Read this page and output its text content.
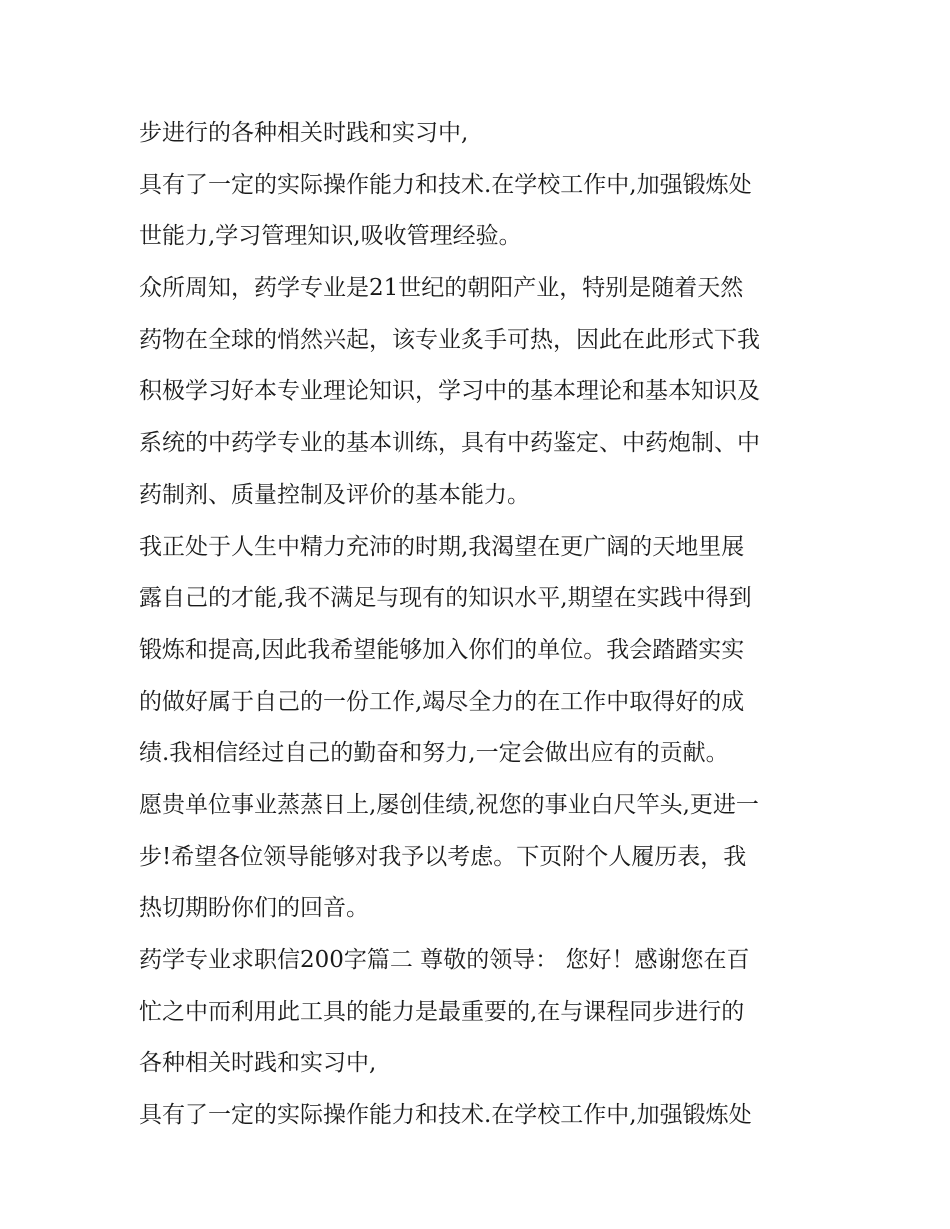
步进行的各种相关时践和实习中,
具有了一定的实际操作能力和技术.在学校工作中,加强锻炼处
世能力,学习管理知识,吸收管理经验。
众所周知，药学专业是21世纪的朝阳产业，特别是随着天然
药物在全球的悄然兴起，该专业炙手可热，因此在此形式下我
积极学习好本专业理论知识，学习中的基本理论和基本知识及
系统的中药学专业的基本训练，具有中药鉴定、中药炮制、中
药制剂、质量控制及评价的基本能力。
我正处于人生中精力充沛的时期,我渴望在更广阔的天地里展
露自己的才能,我不满足与现有的知识水平,期望在实践中得到
锻炼和提高,因此我希望能够加入你们的单位。我会踏踏实实
的做好属于自己的一份工作,竭尽全力的在工作中取得好的成
绩.我相信经过自己的勤奋和努力,一定会做出应有的贡献。
愿贵单位事业蒸蒸日上,屡创佳绩,祝您的事业白尺竿头,更进一
步!希望各位领导能够对我予以考虑。下页附个人履历表，我
热切期盼你们的回音。
药学专业求职信200字篇二 尊敬的领导： 您好！感谢您在百
忙之中而利用此工具的能力是最重要的,在与课程同步进行的
各种相关时践和实习中,
具有了一定的实际操作能力和技术.在学校工作中,加强锻炼处
